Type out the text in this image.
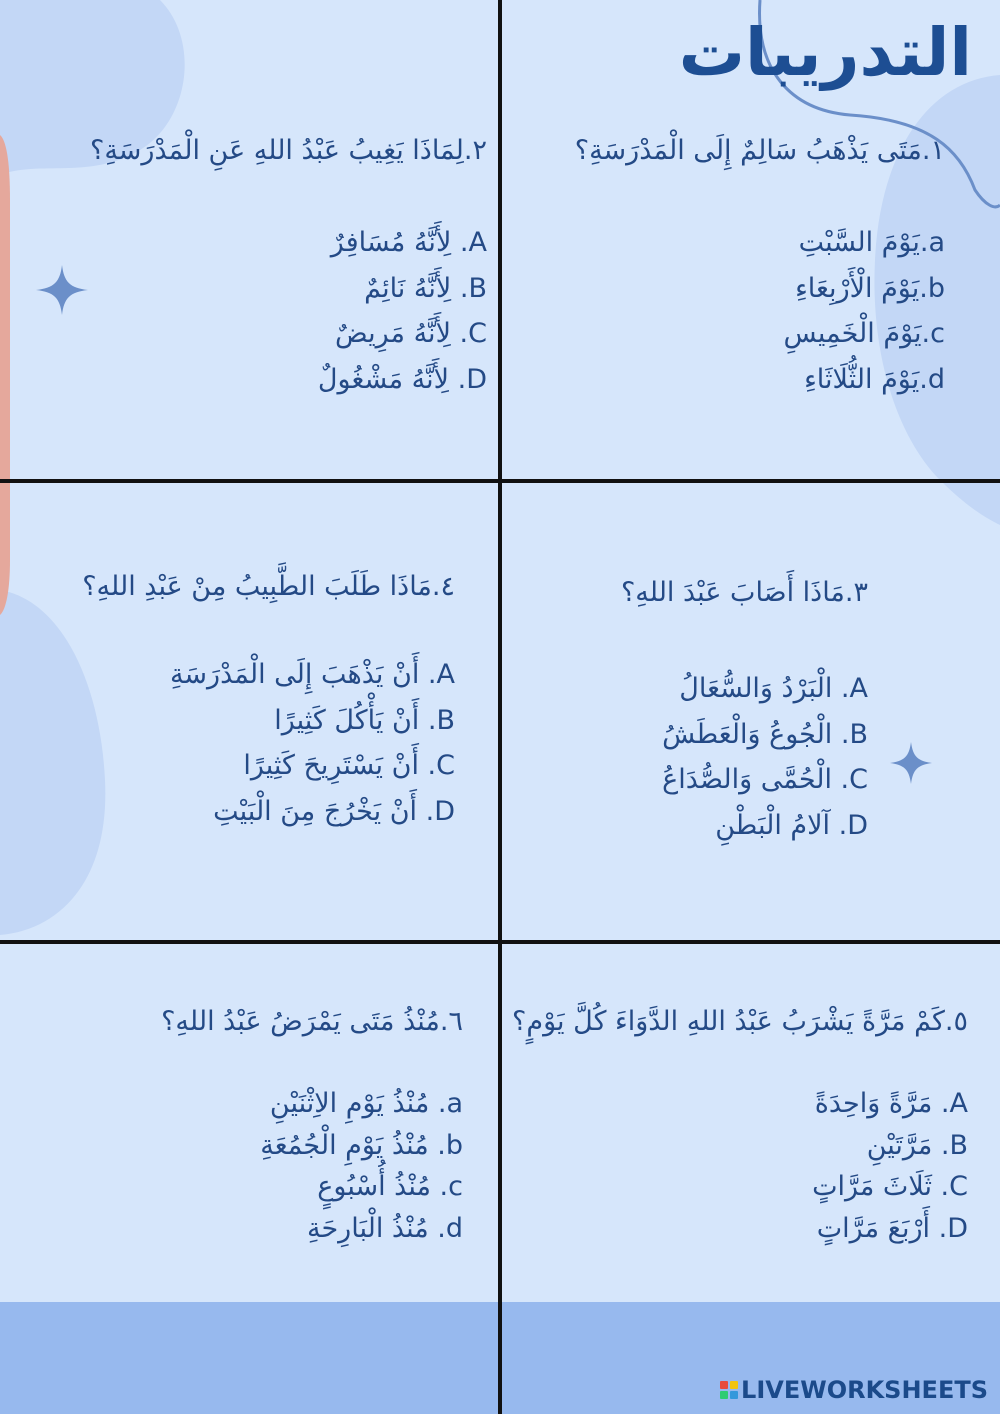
التدريبات
١.مَتَى يَذْهَبُ سَالِمٌ إِلَى الْمَدْرَسَةِ؟
a.يَوْمَ السَّبْتِ
b.يَوْمَ الْأَرْبِعَاءِ
c.يَوْمَ الْخَمِيسِ
d.يَوْمَ الثُّلَاثَاءِ
٢.لِمَاذَا يَغِيبُ عَبْدُ اللهِ عَنِ الْمَدْرَسَةِ؟
A. لِأَنَّهُ مُسَافِرٌ
B. لِأَنَّهُ نَائِمٌ
C. لِأَنَّهُ مَرِيضٌ
D. لِأَنَّهُ مَشْغُولٌ
٣.مَاذَا أَصَابَ عَبْدَ اللهِ؟
A. الْبَرْدُ وَالسُّعَالُ
B. الْجُوعُ وَالْعَطَشُ
C. الْحُمَّى وَالصُّدَاعُ
D. آلامُ الْبَطْنِ
٤.مَاذَا طَلَبَ الطَّبِيبُ مِنْ عَبْدِ اللهِ؟
A. أَنْ يَذْهَبَ إِلَى الْمَدْرَسَةِ
B. أَنْ يَأْكُلَ كَثِيرًا
C. أَنْ يَسْتَرِيحَ كَثِيرًا
D. أَنْ يَخْرُجَ مِنَ الْبَيْتِ
٥.كَمْ مَرَّةً يَشْرَبُ عَبْدُ اللهِ الدَّوَاءَ كُلَّ يَوْمٍ؟
A. مَرَّةً وَاحِدَةً
B. مَرَّتَيْنِ
C. ثَلَاثَ مَرَّاتٍ
D. أَرْبَعَ مَرَّاتٍ
٦.مُنْذُ مَتَى يَمْرَضُ عَبْدُ اللهِ؟
a. مُنْذُ يَوْمِ الاِثْنَيْنِ
b. مُنْذُ يَوْمِ الْجُمُعَةِ
c. مُنْذُ أُسْبُوعٍ
d. مُنْذُ الْبَارِحَةِ
LIVEWORKSHEETS
